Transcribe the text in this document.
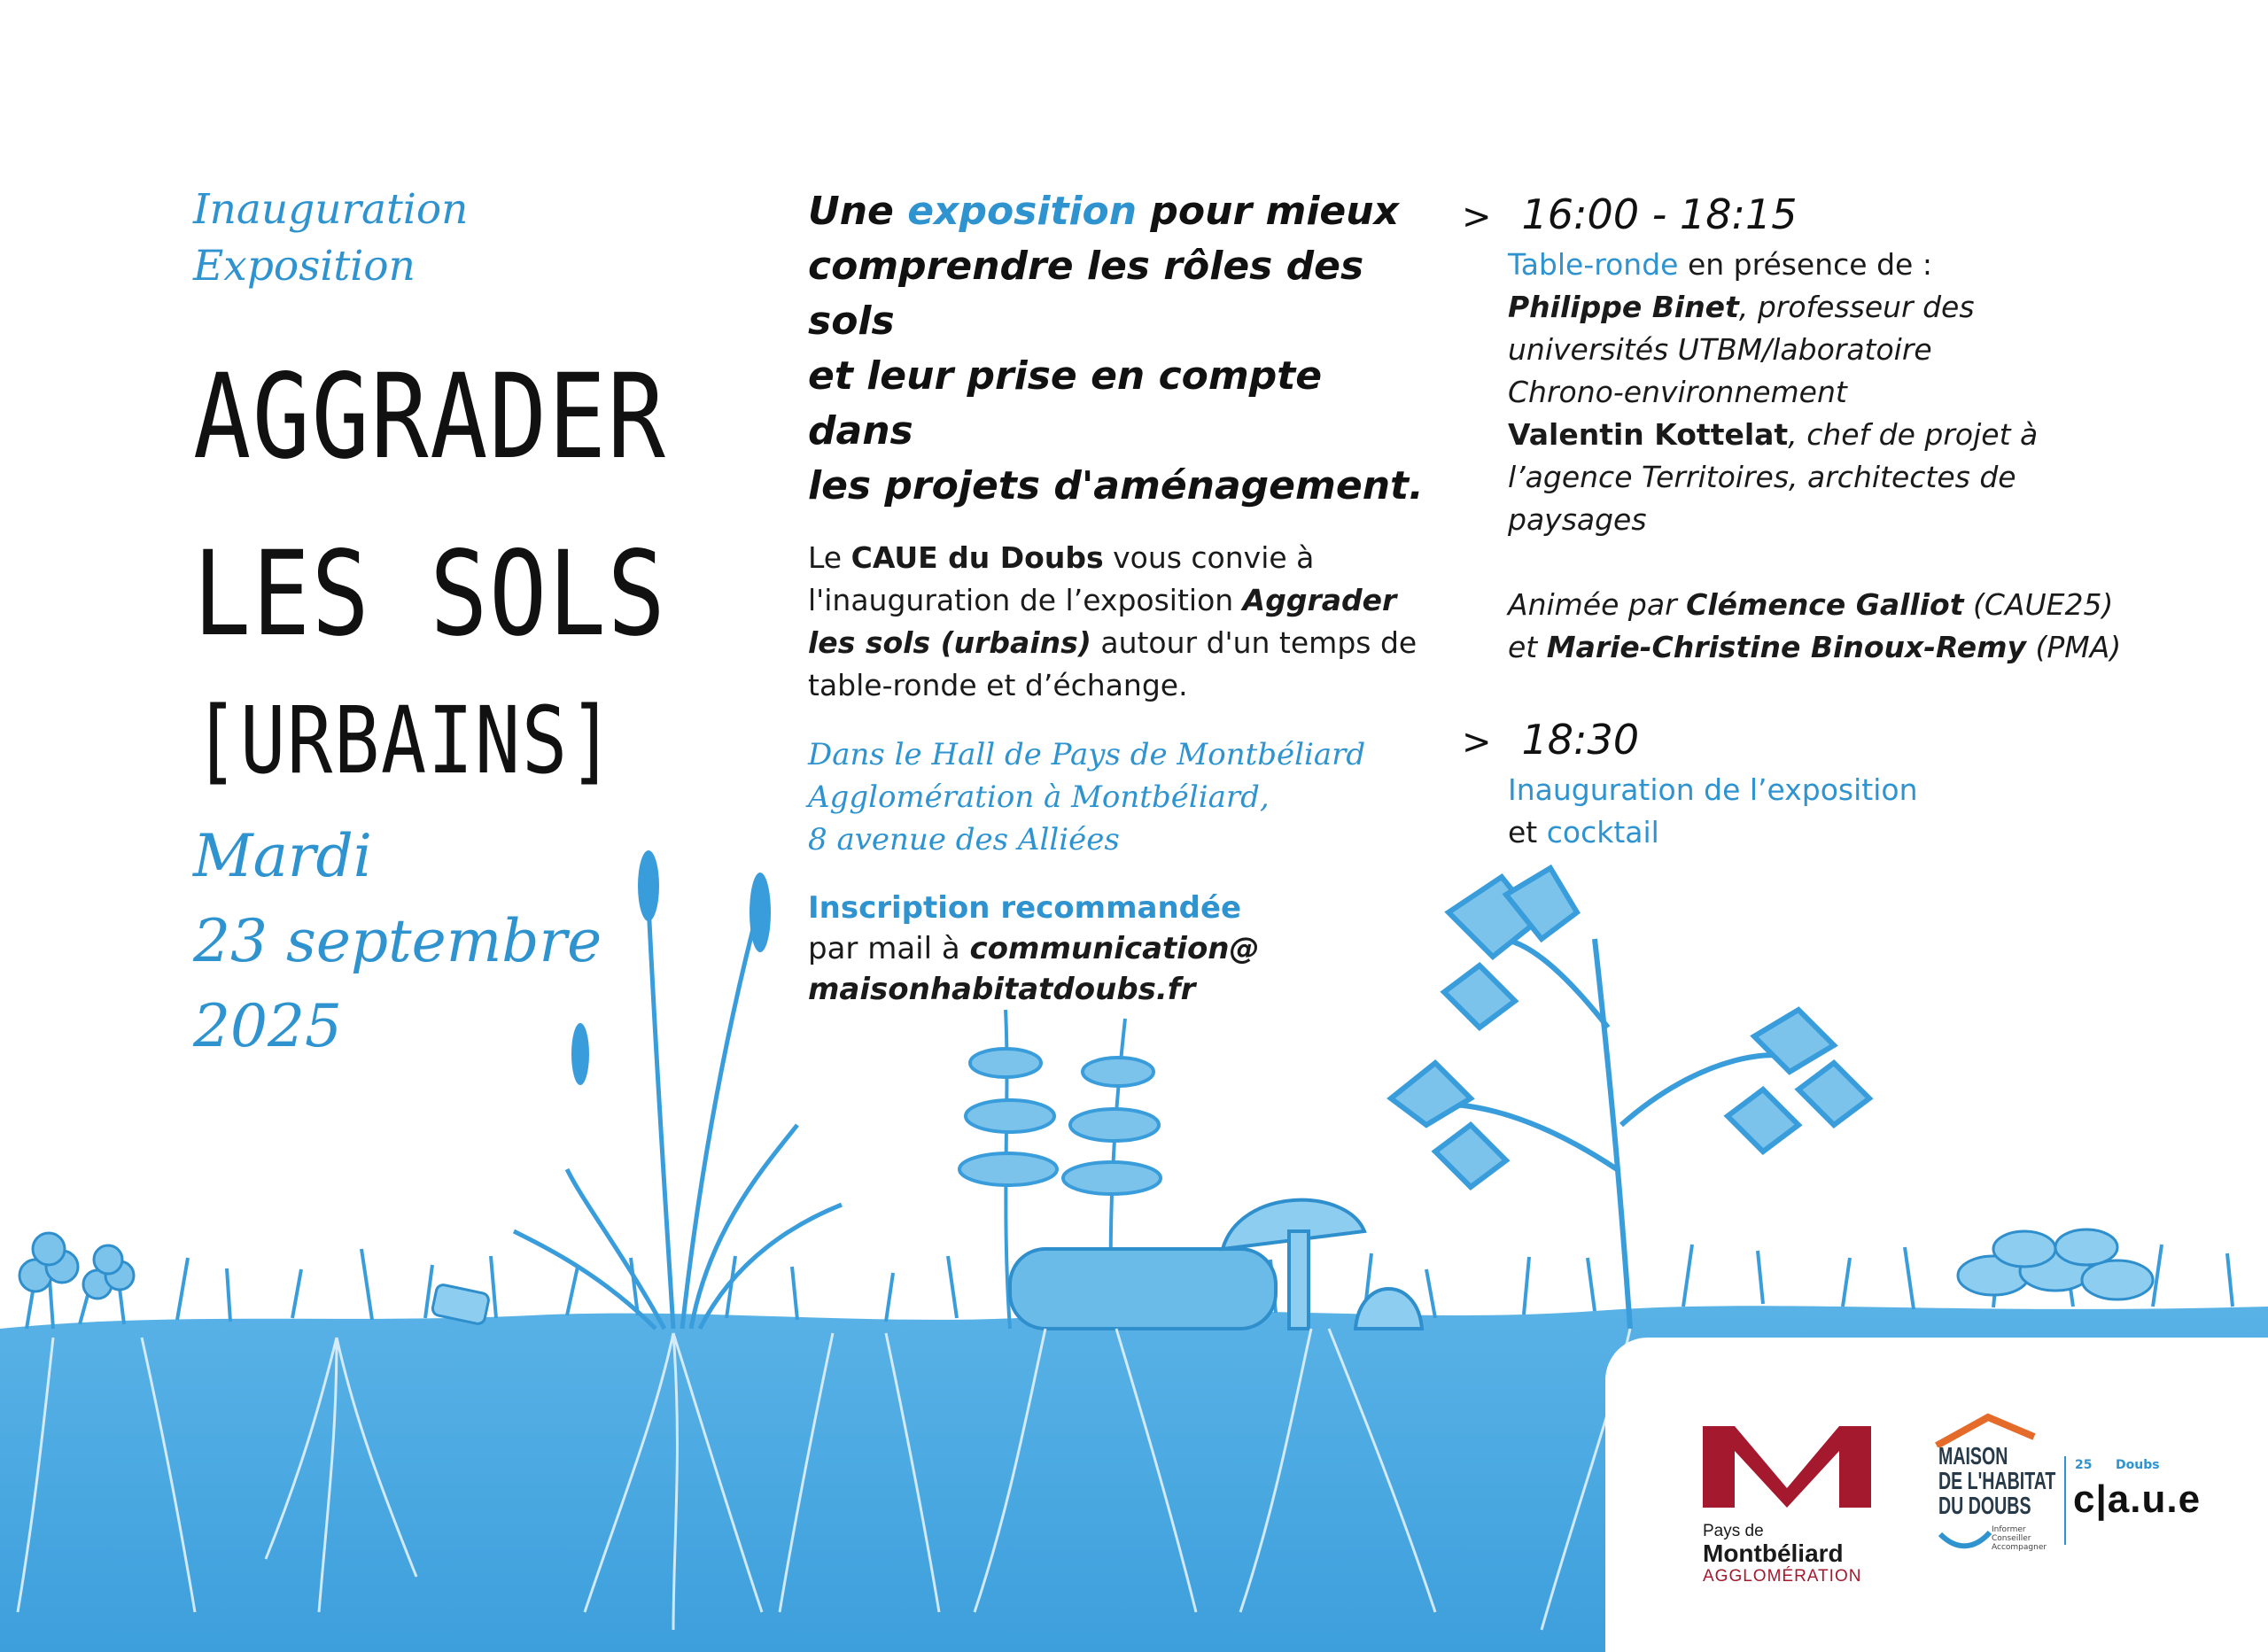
Inauguration
Exposition
AGGRADER
LES SOLS
[URBAINS]
Mardi
23 septembre
2025
Une exposition pour mieux
comprendre les rôles des sols
et leur prise en compte dans
les projets d'aménagement.
Le CAUE du Doubs vous convie à l'inauguration de l’exposition Aggrader les sols (urbains) autour d'un temps de table-ronde et d’échange.
Dans le Hall de Pays de Montbéliard
Agglomération à Montbéliard,
8 avenue des Alliées
Inscription recommandée
par mail à communication@
maisonhabitatdoubs.fr
> 16:00 - 18:15
Table-ronde en présence de :
Philippe Binet, professeur des
universités UTBM/laboratoire
Chrono-environnement
Valentin Kottelat, chef de projet à
l’agence Territoires, architectes de
paysages
Animée par Clémence Galliot (CAUE25)
et Marie-Christine Binoux-Remy (PMA)
> 18:30
Inauguration de l’exposition
et cocktail
Pays de
Montbéliard
AGGLOMÉRATION
MAISON
DE L'HABITAT
DU DOUBS
Informer
Conseiller
Accompagner
25 Doubs
c|a.u.e
